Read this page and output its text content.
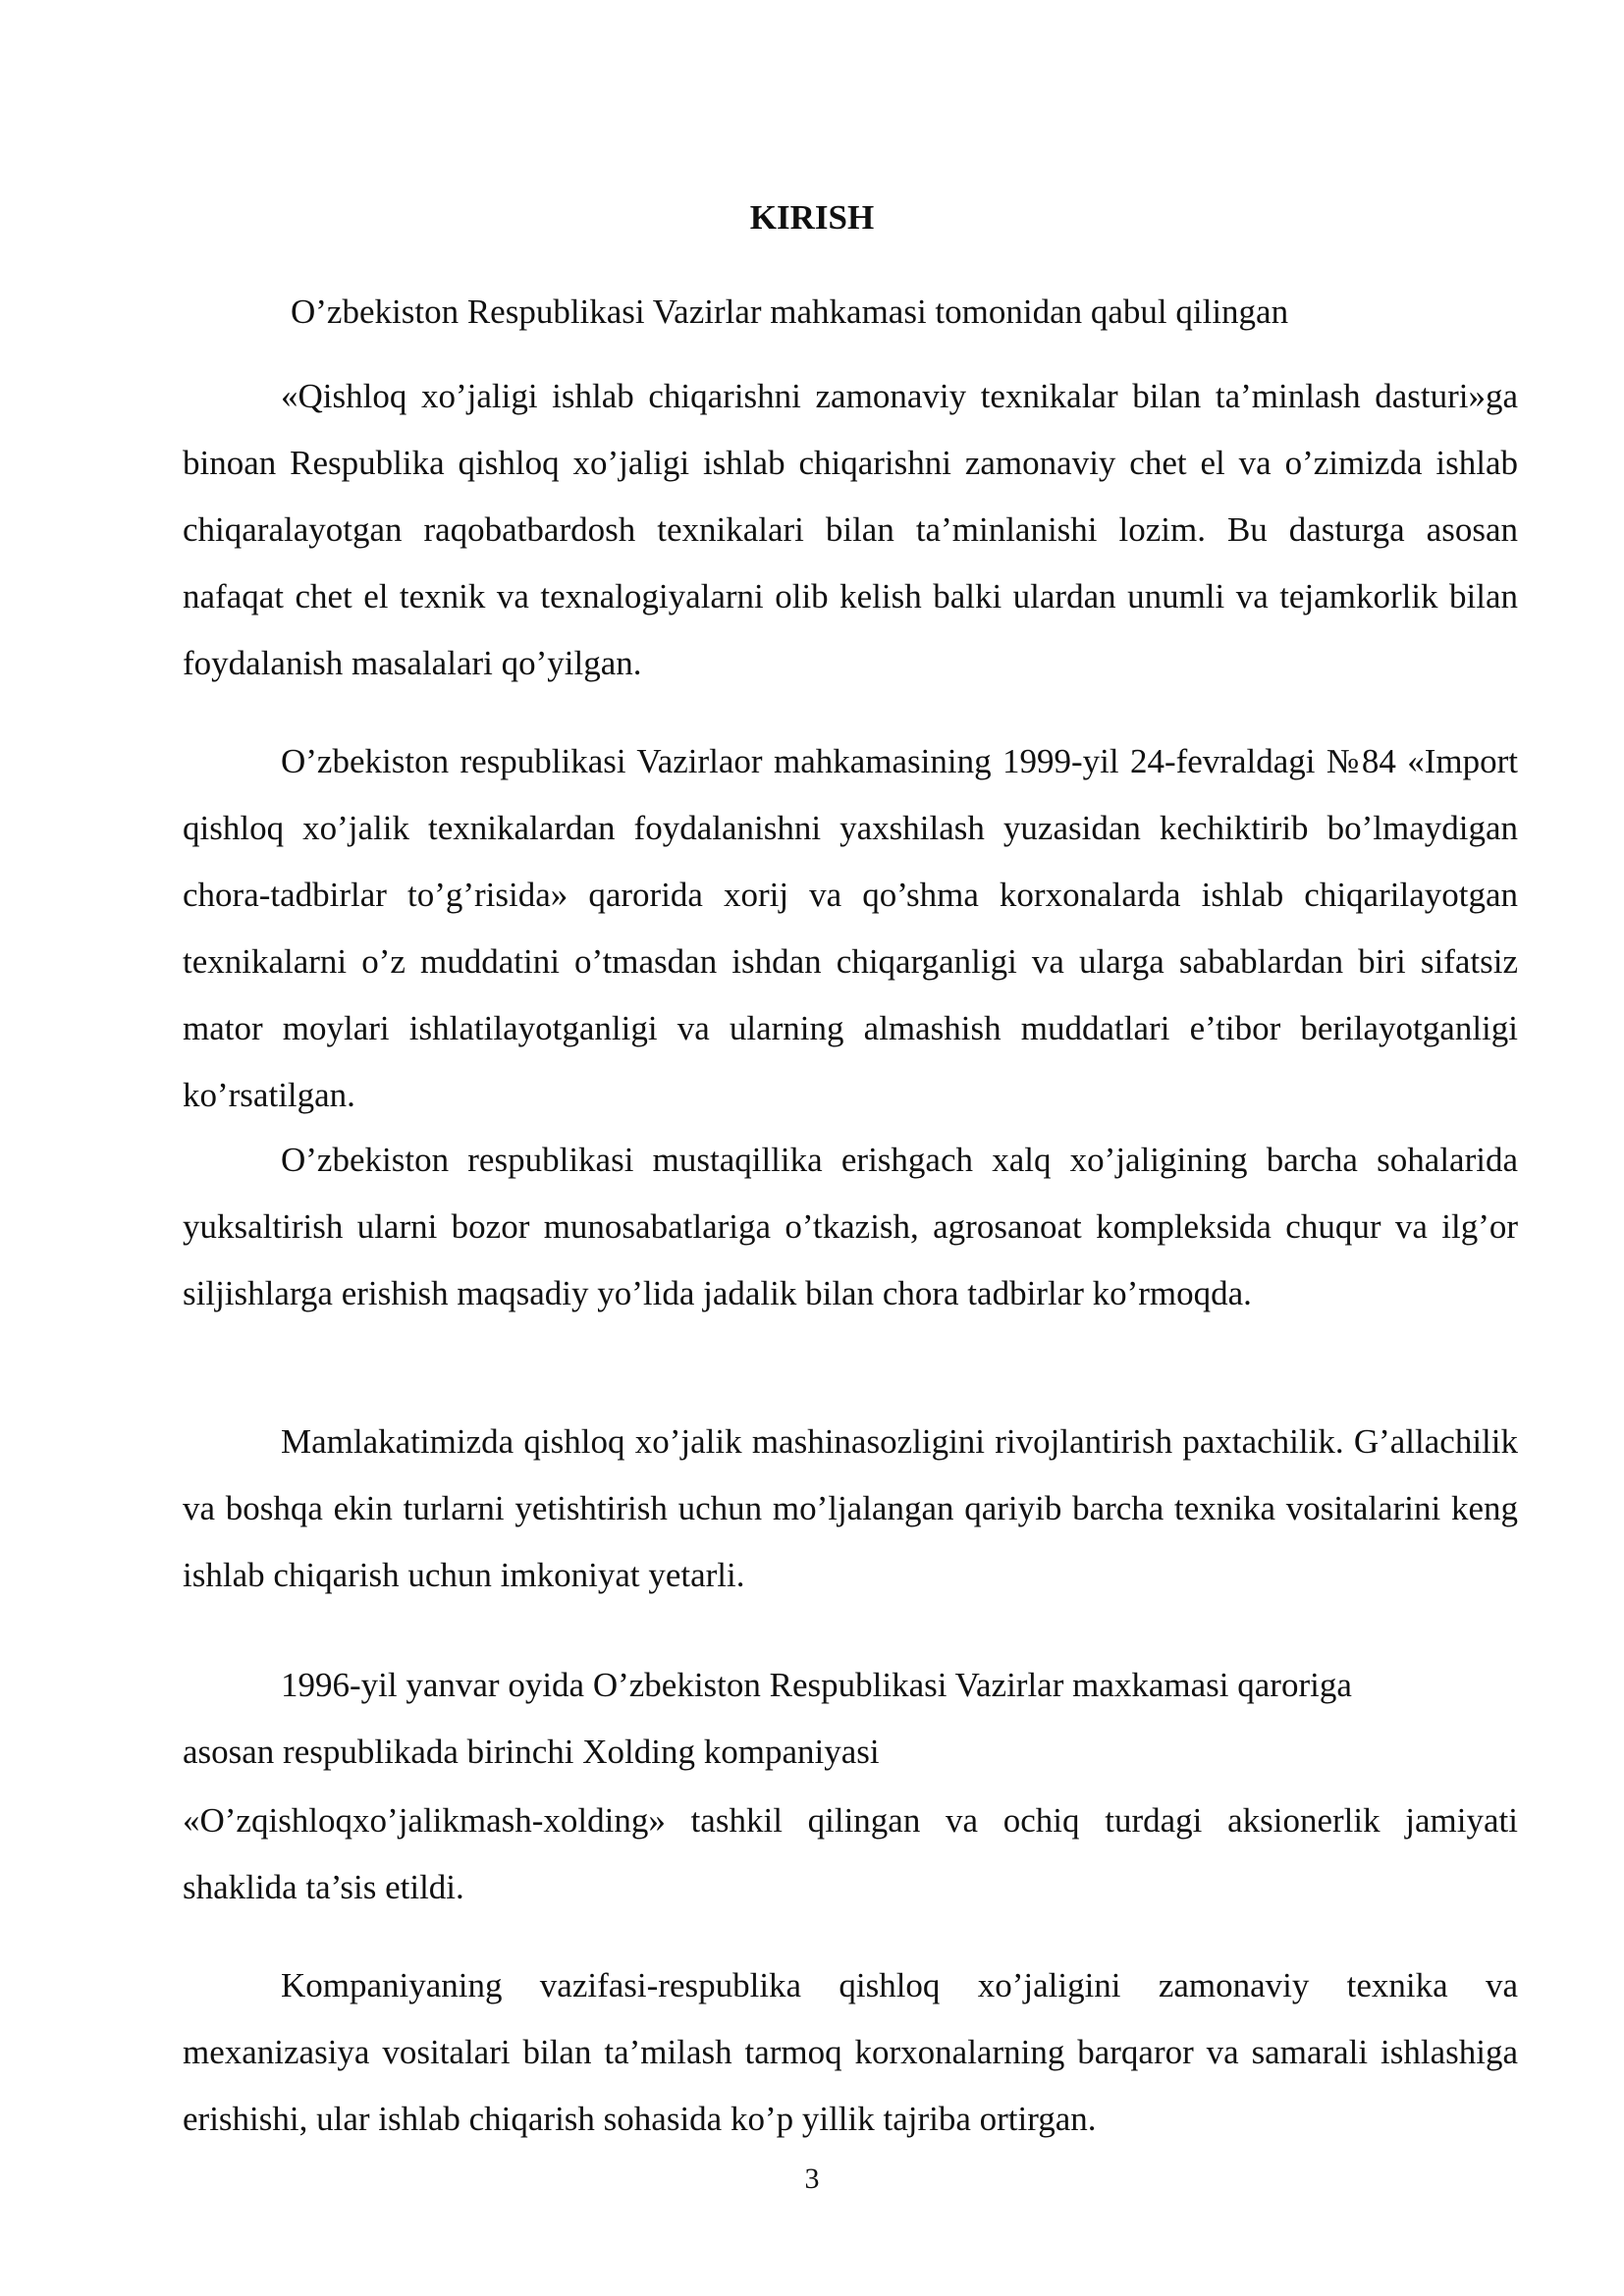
KIRISH

O’zbekiston Respublikasi Vazirlar mahkamasi tomonidan qabul qilingan

«Qishloq xo’jaligi ishlab chiqarishni zamonaviy texnikalar bilan ta’minlash dasturi»ga binoan Respublika qishloq xo’jaligi ishlab chiqarishni zamonaviy chet el va o’zimizda ishlab chiqaralayotgan raqobatbardosh texnikalari bilan ta’minlanishi lozim. Bu dasturga asosan nafaqat chet el texnik va texnalogiyalarni olib kelish balki ulardan unumli va tejamkorlik bilan foydalanish masalalari qo’yilgan.

O’zbekiston respublikasi Vazirlaor mahkamasining 1999-yil 24-fevraldagi №84 «Import qishloq xo’jalik texnikalardan foydalanishni yaxshilash yuzasidan kechiktirib bo’lmaydigan chora-tadbirlar to’g’risida» qarorida xorij va qo’shma korxonalarda ishlab chiqarilayotgan texnikalarni o’z muddatini o’tmasdan ishdan chiqarganligi va ularga sabablardan biri sifatsiz mator moylari ishlatilayotganligi va ularning almashish muddatlari e’tibor berilayotganligi ko’rsatilgan.

O’zbekiston respublikasi mustaqillika erishgach xalq xo’jaligining barcha sohalarida yuksaltirish ularni bozor munosabatlariga o’tkazish, agrosanoat kompleksida chuqur va ilg’or siljishlarga erishish maqsadiy yo’lida jadalik bilan chora tadbirlar ko’rmoqda.

Mamlakatimizda qishloq xo’jalik mashinasozligini rivojlantirish paxtachilik. G’allachilik va boshqa ekin turlarni yetishtirish uchun mo’ljalangan qariyib barcha texnika vositalarini keng ishlab chiqarish uchun imkoniyat yetarli.

1996-yil yanvar oyida O’zbekiston Respublikasi Vazirlar maxkamasi qaroriga

asosan respublikada birinchi Xolding kompaniyasi

«O’zqishloqxo’jalikmash-xolding» tashkil qilingan va ochiq turdagi aksionerlik jamiyati shaklida ta’sis etildi.

Kompaniyaning vazifasi-respublika qishloq xo’jaligini zamonaviy texnika va mexanizasiya vositalari bilan ta’milash tarmoq korxonalarning barqaror va samarali ishlashiga erishishi, ular ishlab chiqarish sohasida ko’p yillik tajriba ortirgan.

3
